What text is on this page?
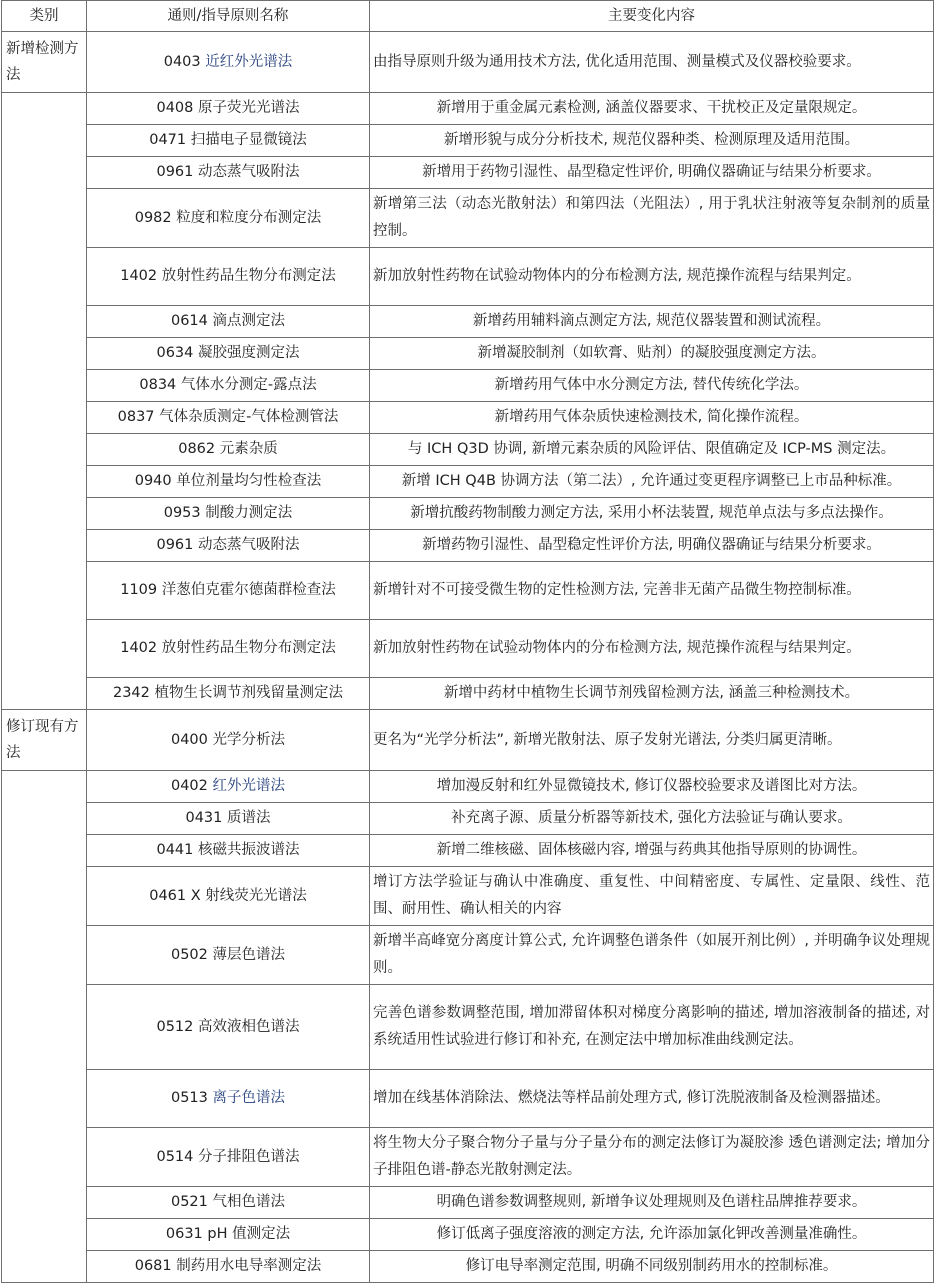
类别	通则/指导原则名称	主要变化内容
新增检测方法	0403 近红外光谱法	由指导原则升级为通用技术方法, 优化适用范围、测量模式及仪器校验要求。
	0408 原子荧光光谱法	新增用于重金属元素检测, 涵盖仪器要求、干扰校正及定量限规定。
	0471 扫描电子显微镜法	新增形貌与成分分析技术, 规范仪器种类、检测原理及适用范围。
	0961 动态蒸气吸附法	新增用于药物引湿性、晶型稳定性评价, 明确仪器确证与结果分析要求。
	0982 粒度和粒度分布测定法	新增第三法（动态光散射法）和第四法（光阻法）, 用于乳状注射液等复杂制剂的质量控制。
	1402 放射性药品生物分布测定法	新加放射性药物在试验动物体内的分布检测方法, 规范操作流程与结果判定。
	0614 滴点测定法	新增药用辅料滴点测定方法, 规范仪器装置和测试流程。
	0634 凝胶强度测定法	新增凝胶制剂（如软膏、贴剂）的凝胶强度测定方法。
	0834 气体水分测定-露点法	新增药用气体中水分测定方法, 替代传统化学法。
	0837 气体杂质测定-气体检测管法	新增药用气体杂质快速检测技术, 简化操作流程。
	0862 元素杂质	与 ICH Q3D 协调, 新增元素杂质的风险评估、限值确定及 ICP-MS 测定法。
	0940 单位剂量均匀性检查法	新增 ICH Q4B 协调方法（第二法）, 允许通过变更程序调整已上市品种标准。
	0953 制酸力测定法	新增抗酸药物制酸力测定方法, 采用小杯法装置, 规范单点法与多点法操作。
	0961 动态蒸气吸附法	新增药物引湿性、晶型稳定性评价方法, 明确仪器确证与结果分析要求。
	1109 洋葱伯克霍尔德菌群检查法	新增针对不可接受微生物的定性检测方法, 完善非无菌产品微生物控制标准。
	1402 放射性药品生物分布测定法	新加放射性药物在试验动物体内的分布检测方法, 规范操作流程与结果判定。
	2342 植物生长调节剂残留量测定法	新增中药材中植物生长调节剂残留检测方法, 涵盖三种检测技术。
修订现有方法	0400 光学分析法	更名为“光学分析法”, 新增光散射法、原子发射光谱法, 分类归属更清晰。
	0402 红外光谱法	增加漫反射和红外显微镜技术, 修订仪器校验要求及谱图比对方法。
	0431 质谱法	补充离子源、质量分析器等新技术, 强化方法验证与确认要求。
	0441 核磁共振波谱法	新增二维核磁、固体核磁内容, 增强与药典其他指导原则的协调性。
	0461 X 射线荧光光谱法	增订方法学验证与确认中准确度、重复性、中间精密度、专属性、定量限、线性、范围、耐用性、确认相关的内容
	0502 薄层色谱法	新增半高峰宽分离度计算公式, 允许调整色谱条件（如展开剂比例）, 并明确争议处理规则。
	0512 高效液相色谱法	完善色谱参数调整范围, 增加滞留体积对梯度分离影响的描述, 增加溶液制备的描述, 对系统适用性试验进行修订和补充, 在测定法中增加标准曲线测定法。
	0513 离子色谱法	增加在线基体消除法、燃烧法等样品前处理方式, 修订洗脱液制备及检测器描述。
	0514 分子排阻色谱法	将生物大分子聚合物分子量与分子量分布的测定法修订为凝胶渗 透色谱测定法; 增加分子排阻色谱-静态光散射测定法。
	0521 气相色谱法	明确色谱参数调整规则, 新增争议处理规则及色谱柱品牌推荐要求。
	0631 pH 值测定法	修订低离子强度溶液的测定方法, 允许添加氯化钾改善测量准确性。
	0681 制药用水电导率测定法	修订电导率测定范围, 明确不同级别制药用水的控制标准。
